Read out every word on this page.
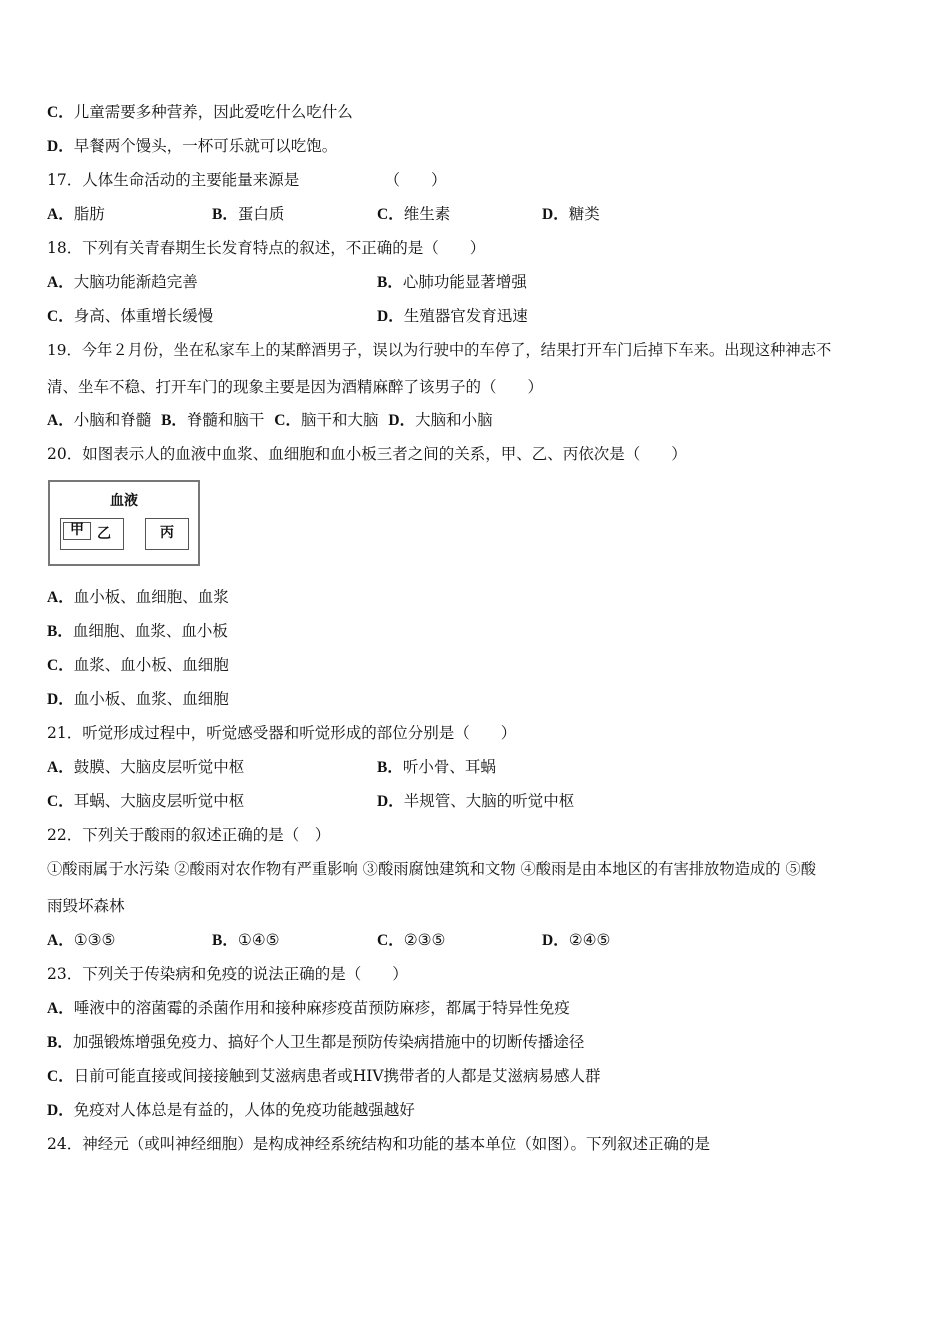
C．儿童需要多种营养，因此爱吃什么吃什么
D．早餐两个馒头，一杯可乐就可以吃饱。
17．人体生命活动的主要能量来源是　　　　　　（　　）
A．脂肪	B．蛋白质	C．维生素	D．糖类
18．下列有关青春期生长发育特点的叙述，不正确的是（　　）
A．大脑功能渐趋完善	B．心肺功能显著增强
C．身高、体重增长缓慢	D．生殖器官发育迅速
19．今年２月份，坐在私家车上的某醉酒男子，误以为行驶中的车停了，结果打开车门后掉下车来。出现这种神志不
清、坐车不稳、打开车门的现象主要是因为酒精麻醉了该男子的（　　）
A．小脑和脊髓 B．脊髓和脑干 C．脑干和大脑 D．大脑和小脑
20．如图表示人的血液中血浆、血细胞和血小板三者之间的关系，甲、乙、丙依次是（　　）
血液
甲 乙	丙
A．血小板、血细胞、血浆
B．血细胞、血浆、血小板
C．血浆、血小板、血细胞
D．血小板、血浆、血细胞
21．听觉形成过程中，听觉感受器和听觉形成的部位分别是（　　）
A．鼓膜、大脑皮层听觉中枢	B．听小骨、耳蜗
C．耳蜗、大脑皮层听觉中枢	D．半规管、大脑的听觉中枢
22．下列关于酸雨的叙述正确的是（　）
①酸雨属于水污染 ②酸雨对农作物有严重影响 ③酸雨腐蚀建筑和文物 ④酸雨是由本地区的有害排放物造成的 ⑤酸
雨毁坏森林
A．①③⑤	B．①④⑤	C．②③⑤	D．②④⑤
23．下列关于传染病和免疫的说法正确的是（　　）
A．唾液中的溶菌霉的杀菌作用和接种麻疹疫苗预防麻疹，都属于特异性免疫
B．加强锻炼增强免疫力、搞好个人卫生都是预防传染病措施中的切断传播途径
C．日前可能直接或间接接触到艾滋病患者或HIV携带者的人都是艾滋病易感人群
D．免疫对人体总是有益的，人体的免疫功能越强越好
24．神经元（或叫神经细胞）是构成神经系统结构和功能的基本单位（如图）。下列叙述正确的是
